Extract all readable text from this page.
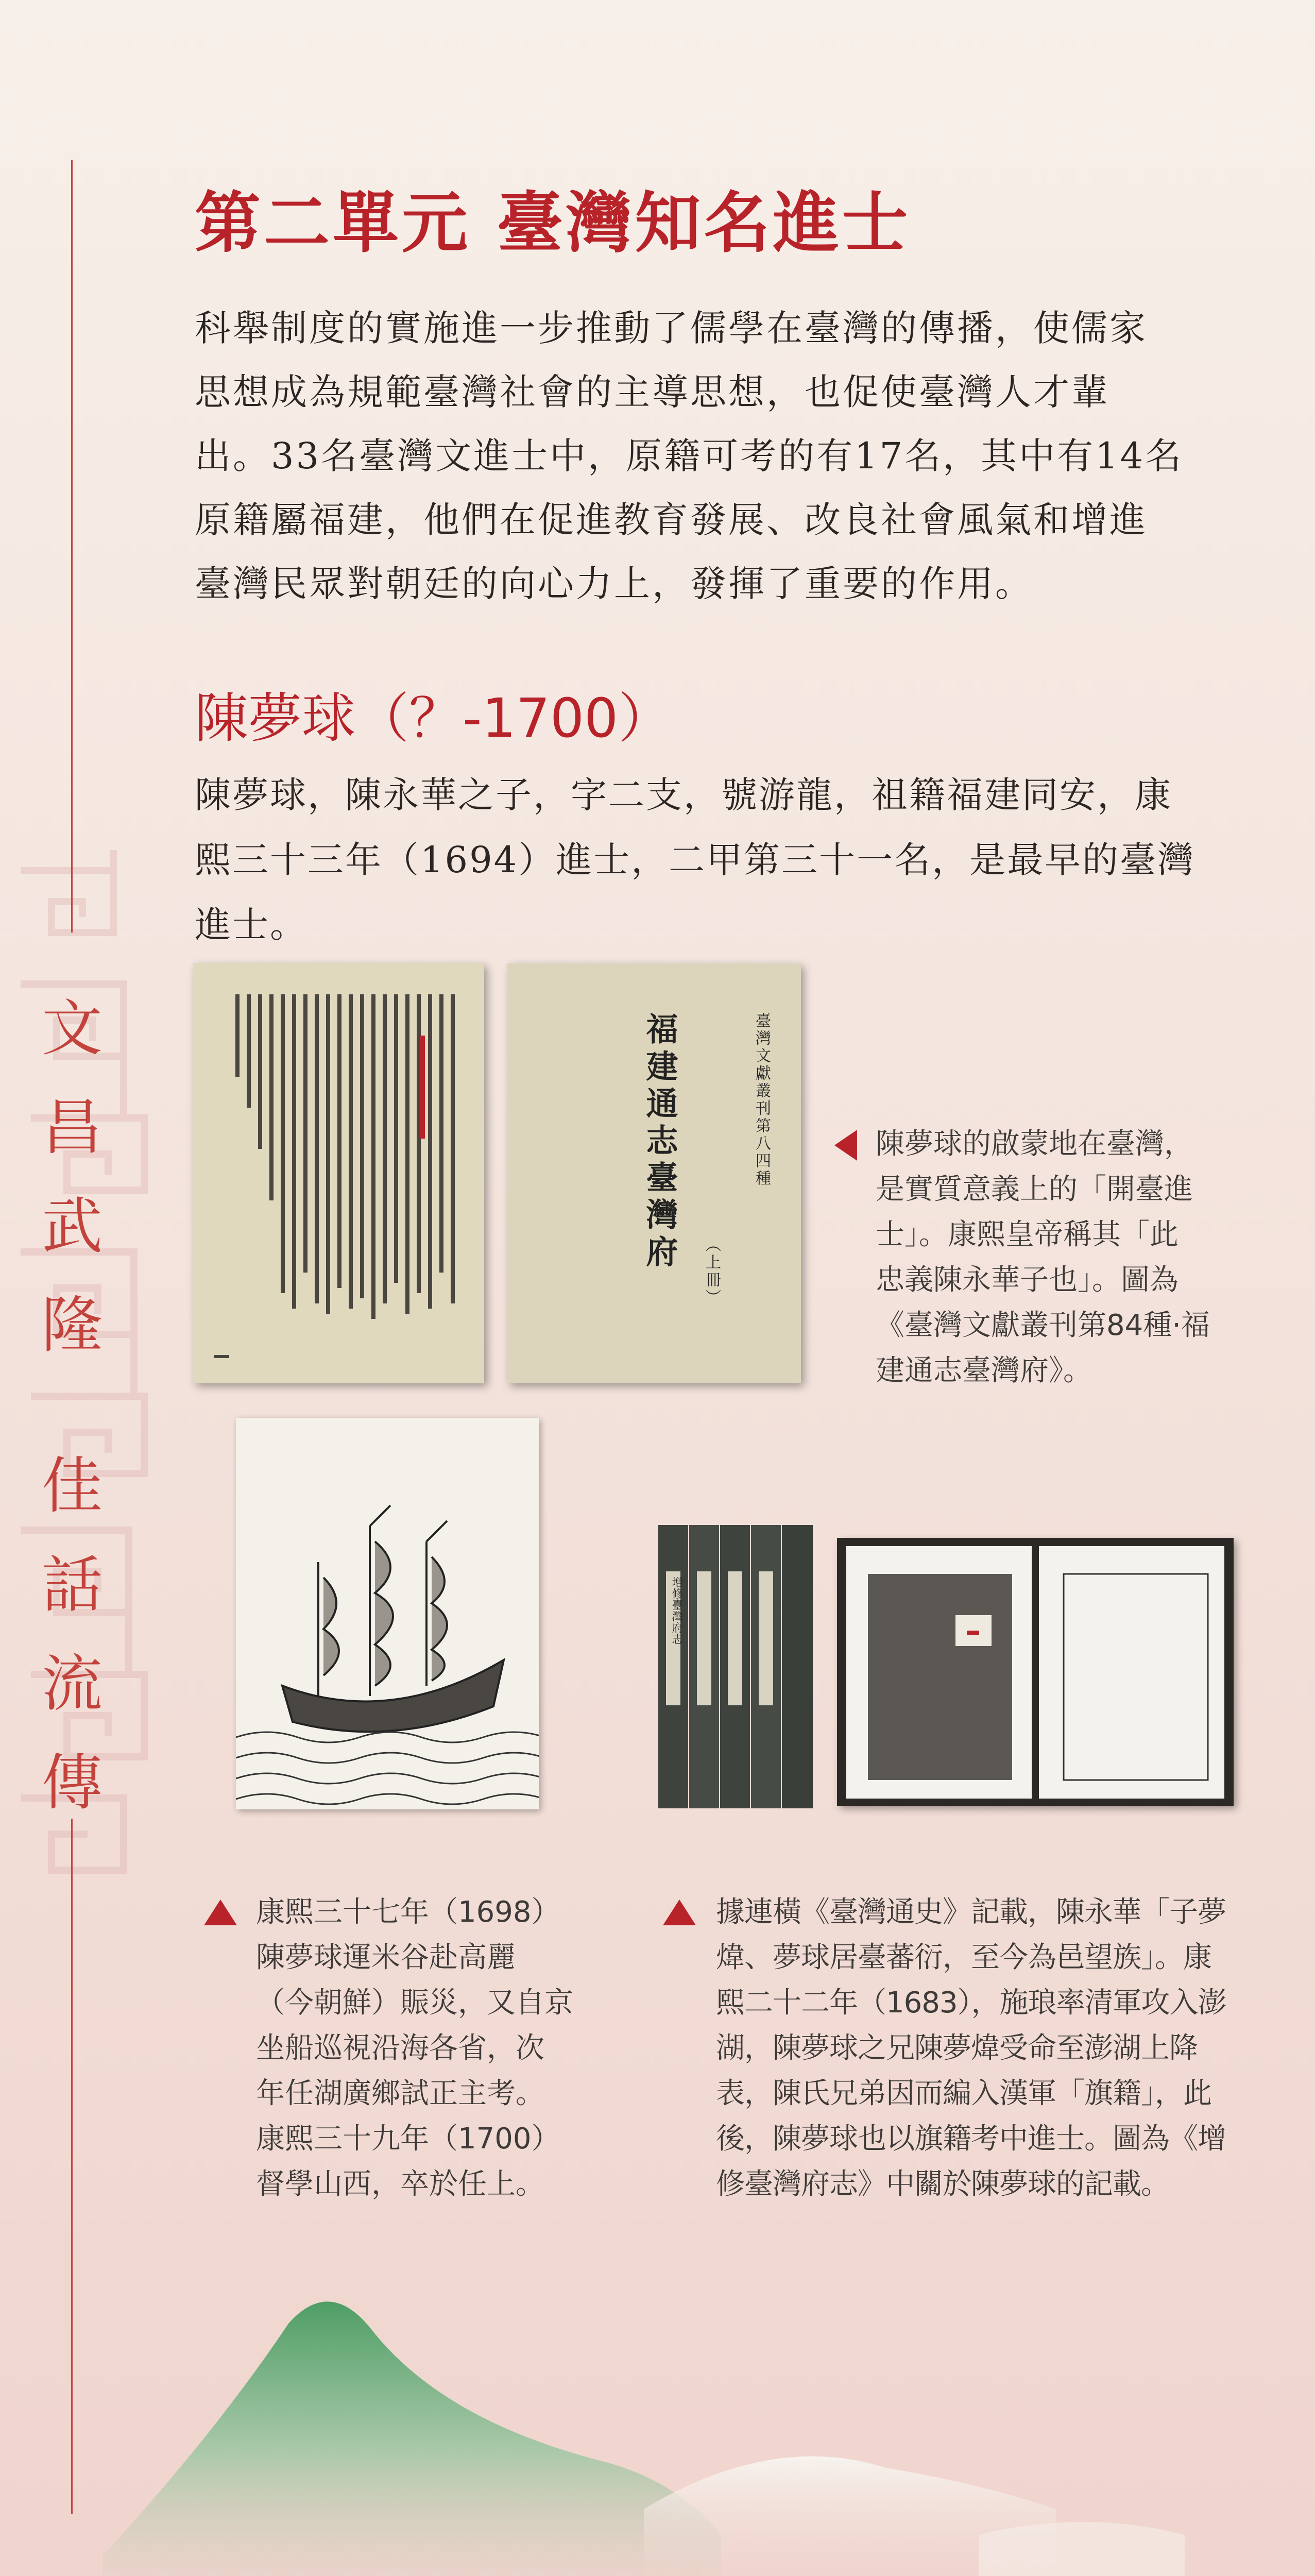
文
昌
武
隆
佳
話
流
傳
第二單元 臺灣知名進士
科舉制度的實施進一步推動了儒學在臺灣的傳播，使儒家
思想成為規範臺灣社會的主導思想，也促使臺灣人才輩
出。33名臺灣文進士中，原籍可考的有17名，其中有14名
原籍屬福建，他們在促進教育發展、改良社會風氣和增進
臺灣民眾對朝廷的向心力上，發揮了重要的作用。
陳夢球（？-1700）
陳夢球，陳永華之子，字二支，號游龍，祖籍福建同安，康
熙三十三年（1694）進士，二甲第三十一名，是最早的臺灣
進士。
臺灣文獻叢刊第八四種
福建通志臺灣府 （上冊）
陳夢球的啟蒙地在臺灣，
是實質意義上的「開臺進
士」。康熙皇帝稱其「此
忠義陳永華子也」。圖為
《臺灣文獻叢刊第84種·福
建通志臺灣府》。
增修臺灣府志
康熙三十七年（1698）
陳夢球運米谷赴高麗
（今朝鮮）賑災，又自京
坐船巡視沿海各省，次
年任湖廣鄉試正主考。
康熙三十九年（1700）
督學山西，卒於任上。
據連橫《臺灣通史》記載，陳永華「子夢
煒、夢球居臺蕃衍，至今為邑望族」。康
熙二十二年（1683），施琅率清軍攻入澎
湖，陳夢球之兄陳夢煒受命至澎湖上降
表，陳氏兄弟因而編入漢軍「旗籍」，此
後，陳夢球也以旗籍考中進士。圖為《增
修臺灣府志》中關於陳夢球的記載。
